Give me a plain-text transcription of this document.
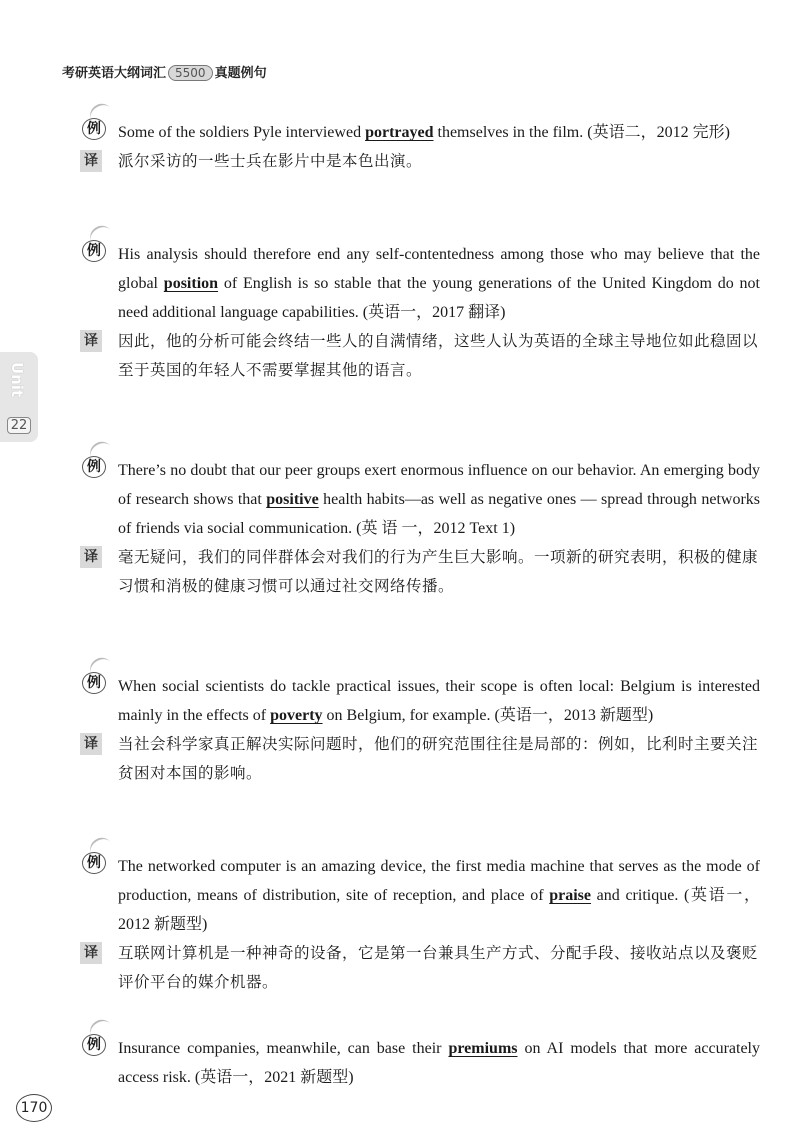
考研英语大纲词汇 5500 真题例句
Unit
22
例	Some of the soldiers Pyle interviewed portrayed themselves in the film. (英语二，2012 完形)
译	派尔采访的一些士兵在影片中是本色出演。
例	His analysis should therefore end any self-contentedness among those who may believe that the global position of English is so stable that the young generations of the United Kingdom do not need additional language capabilities. (英语一，2017 翻译)
译	因此，他的分析可能会终结一些人的自满情绪，这些人认为英语的全球主导地位如此稳固以至于英国的年轻人不需要掌握其他的语言。
例	There’s no doubt that our peer groups exert enormous influence on our behavior. An emerging body of research shows that positive health habits—as well as negative ones — spread through networks of friends via social communication. (英 语 一，2012 Text 1)
译	毫无疑问，我们的同伴群体会对我们的行为产生巨大影响。一项新的研究表明，积极的健康习惯和消极的健康习惯可以通过社交网络传播。
例	When social scientists do tackle practical issues, their scope is often local: Belgium is interested mainly in the effects of poverty on Belgium, for example. (英语一，2013 新题型)
译	当社会科学家真正解决实际问题时，他们的研究范围往往是局部的：例如，比利时主要关注贫困对本国的影响。
例	The networked computer is an amazing device, the first media machine that serves as the mode of production, means of distribution, site of reception, and place of praise and critique. (英语一，2012 新题型)
译	互联网计算机是一种神奇的设备，它是第一台兼具生产方式、分配手段、接收站点以及褒贬评价平台的媒介机器。
例	Insurance companies, meanwhile, can base their premiums on AI models that more accurately access risk. (英语一，2021 新题型)
170
